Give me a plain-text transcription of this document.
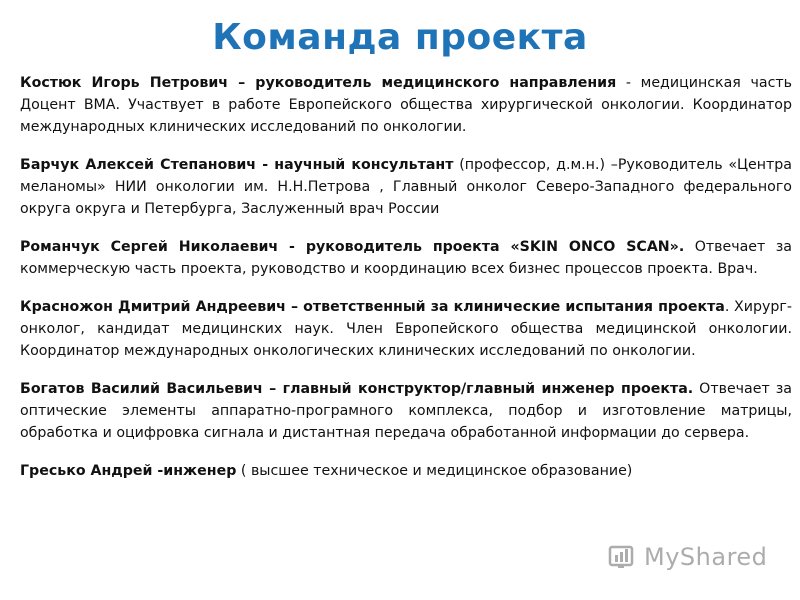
Команда проекта

Костюк Игорь Петрович – руководитель медицинского направления - медицинская часть Доцент ВМА. Участвует в работе Европейского общества хирургической онкологии. Координатор международных клинических исследований по онкологии.

Барчук Алексей Степанович - научный консультант (профессор, д.м.н.) –Руководитель «Центра меланомы» НИИ онкологии им. Н.Н.Петрова , Главный онколог Северо-Западного федерального округа округа и Петербурга, Заслуженный врач России

Романчук Сергей Николаевич - руководитель проекта «SKIN ONCO SCAN». Отвечает за коммерческую часть проекта, руководство и координацию всех бизнес процессов проекта. Врач.

Красножон Дмитрий Андреевич – ответственный за клинические испытания проекта. Хирург-онколог, кандидат медицинских наук. Член Европейского общества медицинской онкологии. Координатор международных онкологических клинических исследований по онкологии.

Богатов Василий Васильевич – главный конструктор/главный инженер проекта. Отвечает за оптические элементы аппаратно-програмного комплекса, подбор и изготовление матрицы, обработка и оцифровка сигнала и дистантная передача обработанной информации до сервера.

Гресько Андрей -инженер ( высшее техническое и медицинское образование)

MyShared
